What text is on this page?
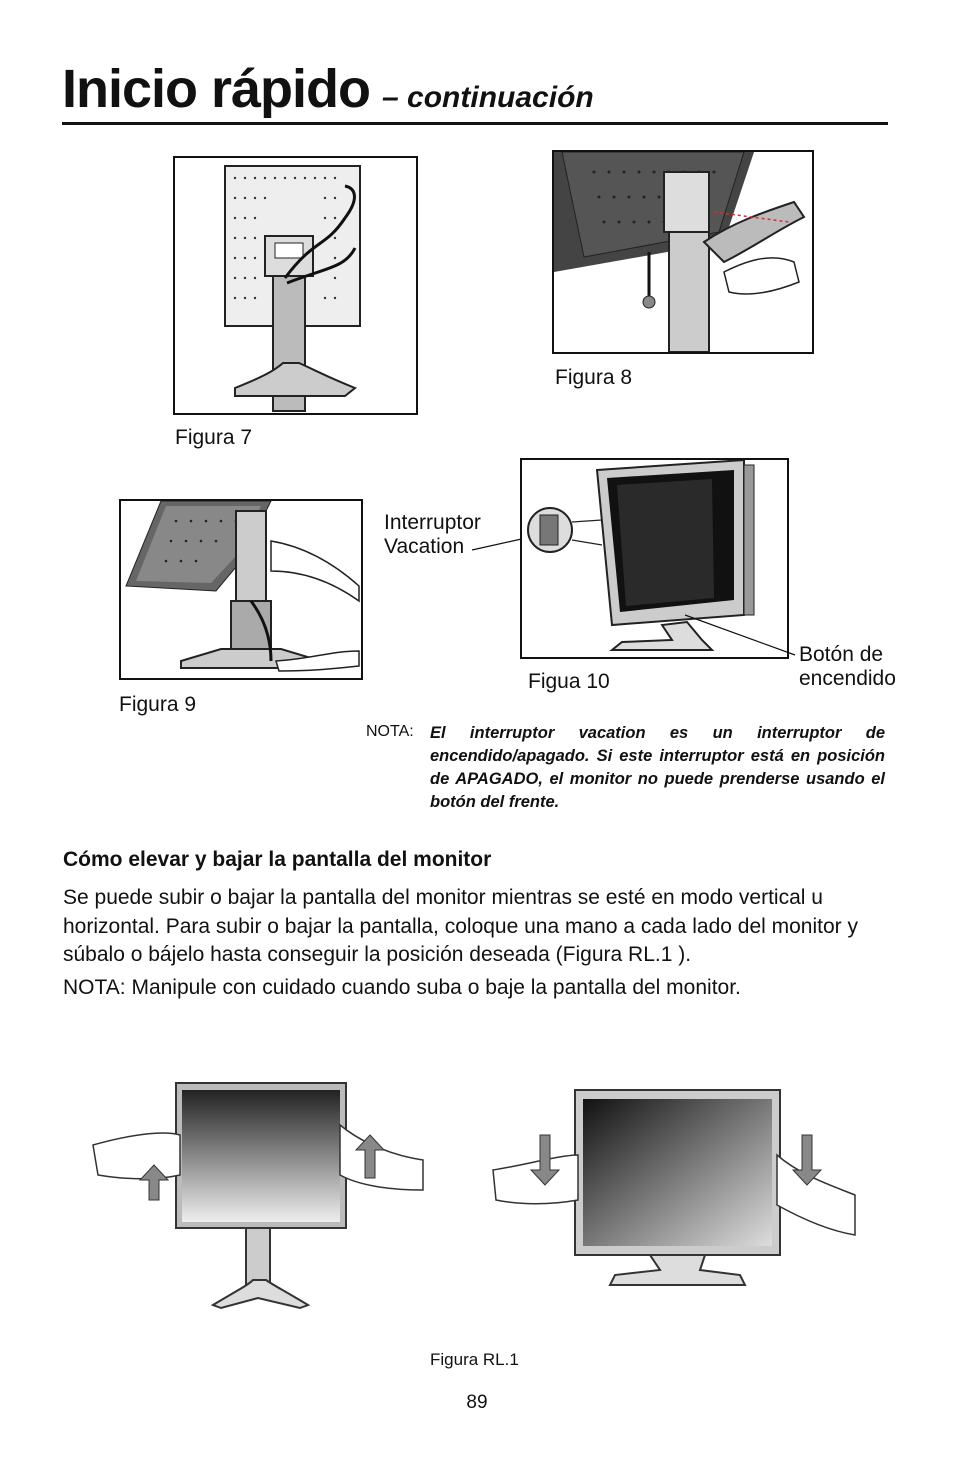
Inicio rápido – continuación
Figura 7
Figura 8
Figura 9
Interruptor
Vacation
Figua 10
Botón de
encendido
NOTA: El interruptor vacation es un interruptor de encendido/apagado. Si este interruptor está en posición de APAGADO, el monitor no puede prenderse usando el botón del frente.
Cómo elevar y bajar la pantalla del monitor
Se puede subir o bajar la pantalla del monitor mientras se esté en modo vertical u horizontal. Para subir o bajar la pantalla, coloque una mano a cada lado del monitor y súbalo o bájelo hasta conseguir la posición deseada (Figura RL.1 ).
NOTA: Manipule con cuidado cuando suba o baje la pantalla del monitor.
Figura RL.1
89
